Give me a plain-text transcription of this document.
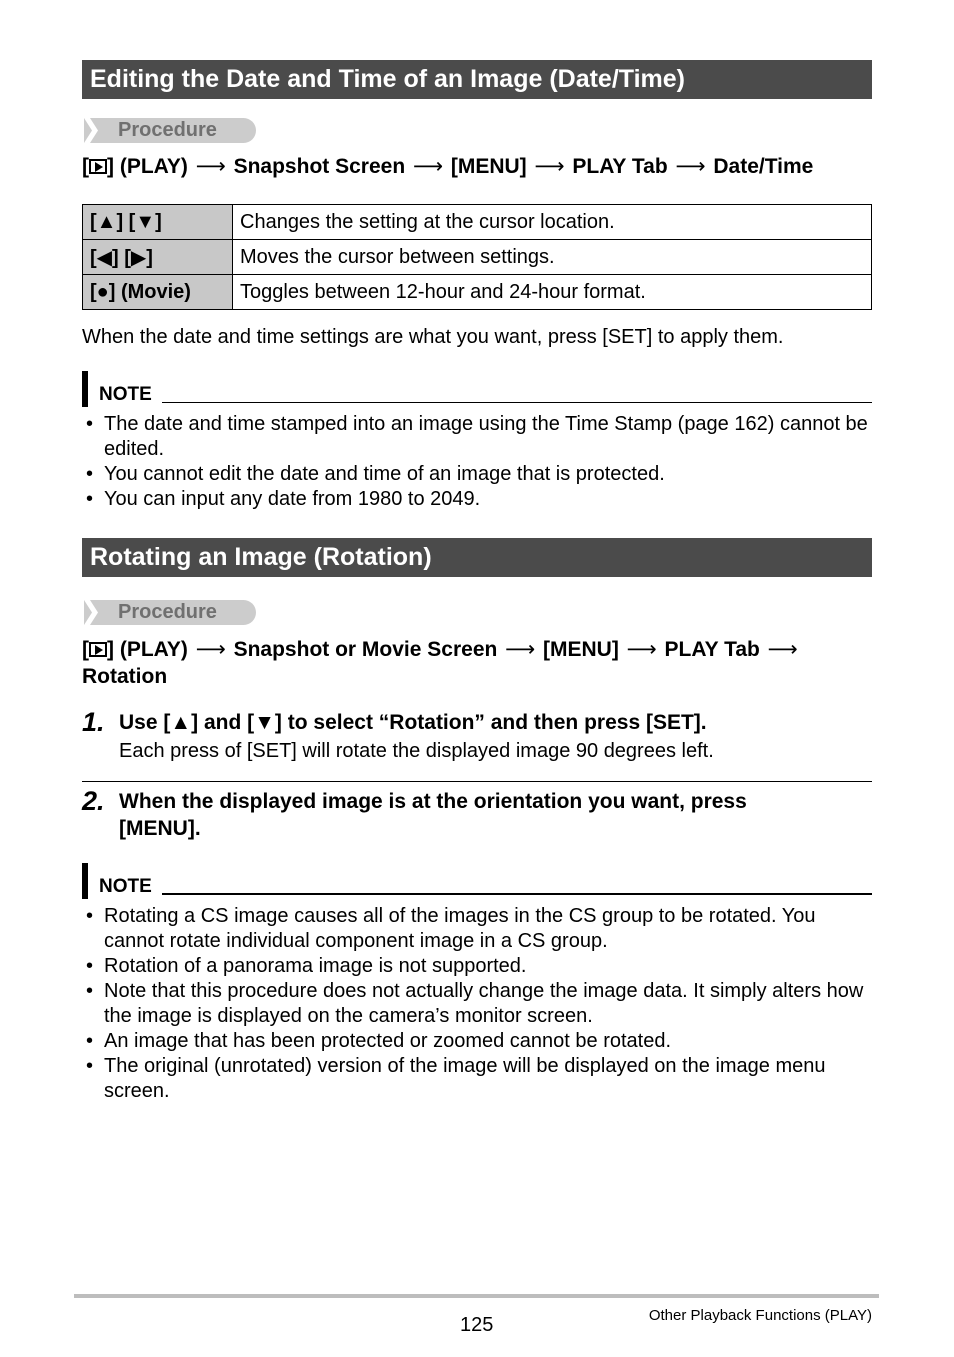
Editing the Date and Time of an Image (Date/Time)
Procedure
[ ] (PLAY) ⟶ Snapshot Screen ⟶ [MENU] ⟶ PLAY Tab ⟶ Date/Time
[▲] [▼]	Changes the setting at the cursor location.
[◀] [▶]	Moves the cursor between settings.
[●] (Movie)	Toggles between 12-hour and 24-hour format.
When the date and time settings are what you want, press [SET] to apply them.
NOTE
• The date and time stamped into an image using the Time Stamp (page 162) cannot be edited.
• You cannot edit the date and time of an image that is protected.
• You can input any date from 1980 to 2049.
Rotating an Image (Rotation)
Procedure
[ ] (PLAY) ⟶ Snapshot or Movie Screen ⟶ [MENU] ⟶ PLAY Tab ⟶
Rotation
1. Use [▲] and [▼] to select “Rotation” and then press [SET].
Each press of [SET] will rotate the displayed image 90 degrees left.
2. When the displayed image is at the orientation you want, press [MENU].
NOTE
• Rotating a CS image causes all of the images in the CS group to be rotated. You cannot rotate individual component image in a CS group.
• Rotation of a panorama image is not supported.
• Note that this procedure does not actually change the image data. It simply alters how the image is displayed on the camera’s monitor screen.
• An image that has been protected or zoomed cannot be rotated.
• The original (unrotated) version of the image will be displayed on the image menu screen.
125	Other Playback Functions (PLAY)
